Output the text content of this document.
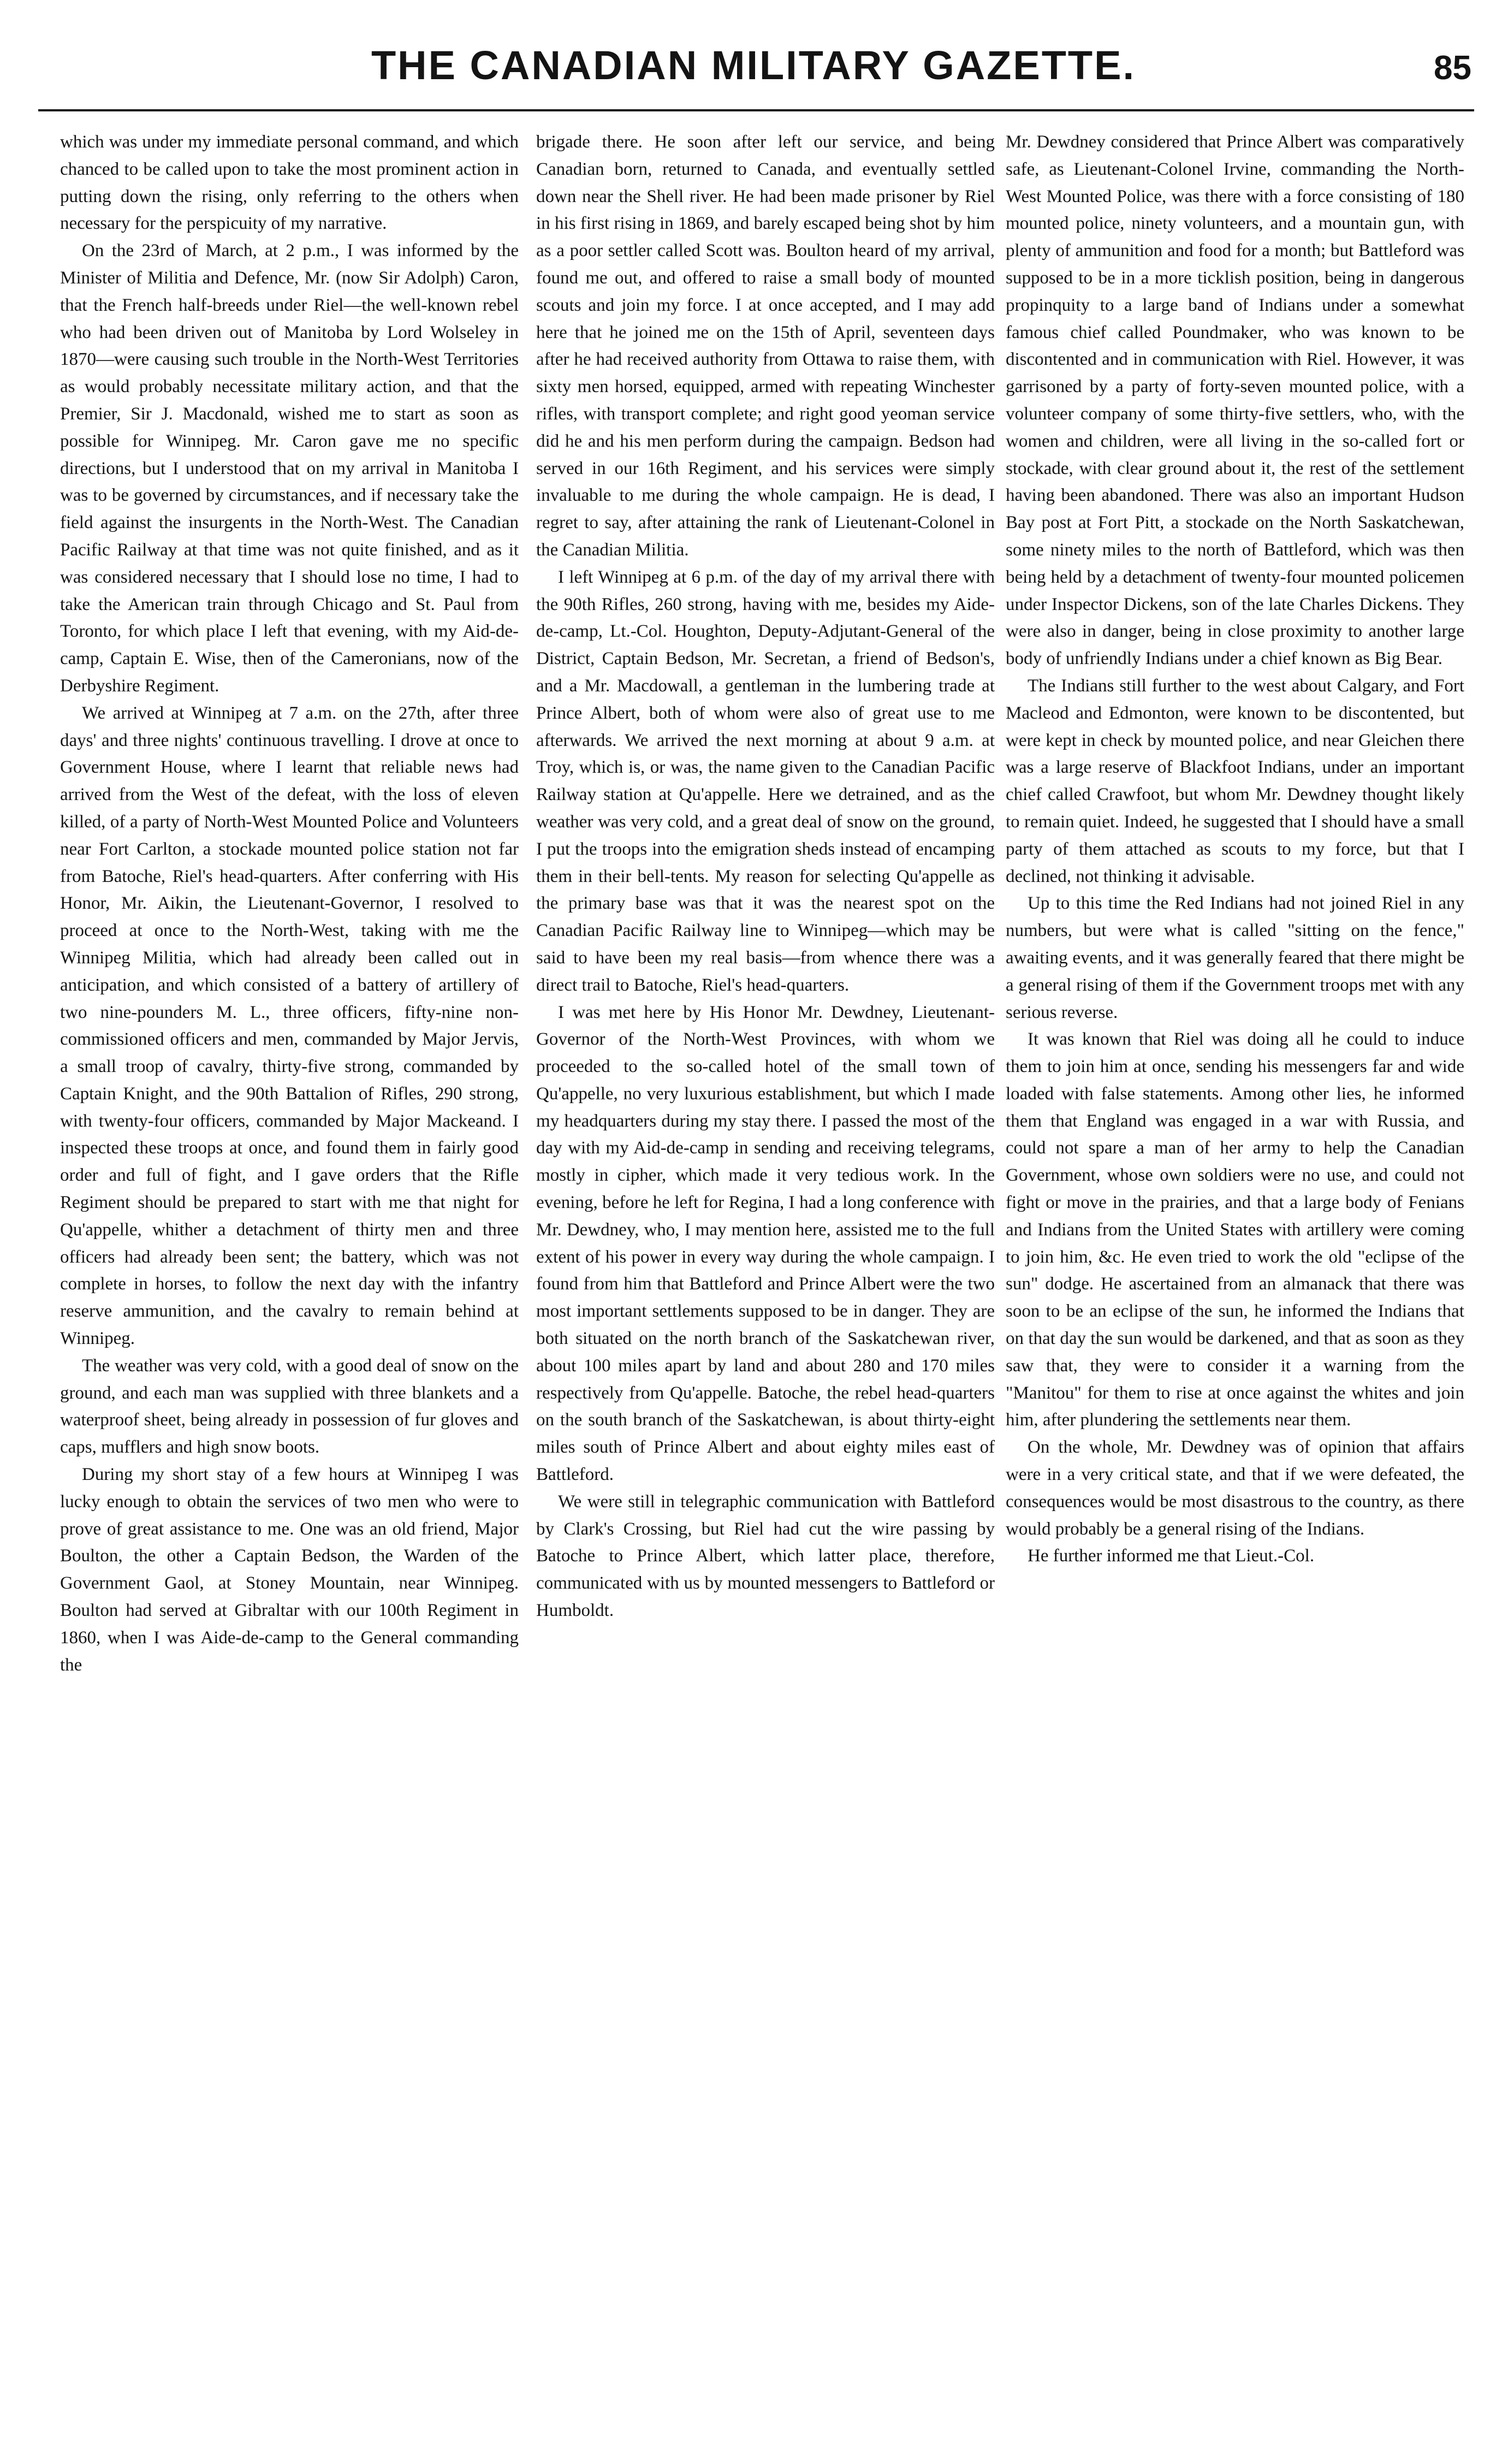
THE CANADIAN MILITARY GAZETTE.	85

which was under my immediate personal command, and which chanced to be called upon to take the most prominent action in putting down the rising, only referring to the others when necessary for the perspicuity of my narrative.

On the 23rd of March, at 2 p.m., I was informed by the Minister of Militia and Defence, Mr. (now Sir Adolph) Caron, that the French half-breeds under Riel—the well-known rebel who had been driven out of Manitoba by Lord Wolseley in 1870—were causing such trouble in the North-West Territories as would probably necessitate military action, and that the Premier, Sir J. Macdonald, wished me to start as soon as possible for Winnipeg. Mr. Caron gave me no specific directions, but I understood that on my arrival in Manitoba I was to be governed by circumstances, and if necessary take the field against the insurgents in the North-West. The Canadian Pacific Railway at that time was not quite finished, and as it was considered necessary that I should lose no time, I had to take the American train through Chicago and St. Paul from Toronto, for which place I left that evening, with my Aid-de-camp, Captain E. Wise, then of the Cameronians, now of the Derbyshire Regiment.

We arrived at Winnipeg at 7 a.m. on the 27th, after three days' and three nights' continuous travelling. I drove at once to Government House, where I learnt that reliable news had arrived from the West of the defeat, with the loss of eleven killed, of a party of North-West Mounted Police and Volunteers near Fort Carlton, a stockade mounted police station not far from Batoche, Riel's head-quarters. After conferring with His Honor, Mr. Aikin, the Lieutenant-Governor, I resolved to proceed at once to the North-West, taking with me the Winnipeg Militia, which had already been called out in anticipation, and which consisted of a battery of artillery of two nine-pounders M. L., three officers, fifty-nine non-commissioned officers and men, commanded by Major Jervis, a small troop of cavalry, thirty-five strong, commanded by Captain Knight, and the 90th Battalion of Rifles, 290 strong, with twenty-four officers, commanded by Major Mackeand. I inspected these troops at once, and found them in fairly good order and full of fight, and I gave orders that the Rifle Regiment should be prepared to start with me that night for Qu'appelle, whither a detachment of thirty men and three officers had already been sent; the battery, which was not complete in horses, to follow the next day with the infantry reserve ammunition, and the cavalry to remain behind at Winnipeg.

The weather was very cold, with a good deal of snow on the ground, and each man was supplied with three blankets and a waterproof sheet, being already in possession of fur gloves and caps, mufflers and high snow boots.

During my short stay of a few hours at Winnipeg I was lucky enough to obtain the services of two men who were to prove of great assistance to me. One was an old friend, Major Boulton, the other a Captain Bedson, the Warden of the Government Gaol, at Stoney Mountain, near Winnipeg. Boulton had served at Gibraltar with our 100th Regiment in 1860, when I was Aide-de-camp to the General commanding the

brigade there. He soon after left our service, and being Canadian born, returned to Canada, and eventually settled down near the Shell river. He had been made prisoner by Riel in his first rising in 1869, and barely escaped being shot by him as a poor settler called Scott was. Boulton heard of my arrival, found me out, and offered to raise a small body of mounted scouts and join my force. I at once accepted, and I may add here that he joined me on the 15th of April, seventeen days after he had received authority from Ottawa to raise them, with sixty men horsed, equipped, armed with repeating Winchester rifles, with transport complete; and right good yeoman service did he and his men perform during the campaign. Bedson had served in our 16th Regiment, and his services were simply invaluable to me during the whole campaign. He is dead, I regret to say, after attaining the rank of Lieutenant-Colonel in the Canadian Militia.

I left Winnipeg at 6 p.m. of the day of my arrival there with the 90th Rifles, 260 strong, having with me, besides my Aide-de-camp, Lt.-Col. Houghton, Deputy-Adjutant-General of the District, Captain Bedson, Mr. Secretan, a friend of Bedson's, and a Mr. Macdowall, a gentleman in the lumbering trade at Prince Albert, both of whom were also of great use to me afterwards. We arrived the next morning at about 9 a.m. at Troy, which is, or was, the name given to the Canadian Pacific Railway station at Qu'appelle. Here we detrained, and as the weather was very cold, and a great deal of snow on the ground, I put the troops into the emigration sheds instead of encamping them in their bell-tents. My reason for selecting Qu'appelle as the primary base was that it was the nearest spot on the Canadian Pacific Railway line to Winnipeg—which may be said to have been my real basis—from whence there was a direct trail to Batoche, Riel's head-quarters.

I was met here by His Honor Mr. Dewdney, Lieutenant-Governor of the North-West Provinces, with whom we proceeded to the so-called hotel of the small town of Qu'appelle, no very luxurious establishment, but which I made my headquarters during my stay there. I passed the most of the day with my Aid-de-camp in sending and receiving telegrams, mostly in cipher, which made it very tedious work. In the evening, before he left for Regina, I had a long conference with Mr. Dewdney, who, I may mention here, assisted me to the full extent of his power in every way during the whole campaign. I found from him that Battleford and Prince Albert were the two most important settlements supposed to be in danger. They are both situated on the north branch of the Saskatchewan river, about 100 miles apart by land and about 280 and 170 miles respectively from Qu'appelle. Batoche, the rebel head-quarters on the south branch of the Saskatchewan, is about thirty-eight miles south of Prince Albert and about eighty miles east of Battleford.

We were still in telegraphic communication with Battleford by Clark's Crossing, but Riel had cut the wire passing by Batoche to Prince Albert, which latter place, therefore, communicated with us by mounted messengers to Battleford or Humboldt.

Mr. Dewdney considered that Prince Albert was comparatively safe, as Lieutenant-Colonel Irvine, commanding the North-West Mounted Police, was there with a force consisting of 180 mounted police, ninety volunteers, and a mountain gun, with plenty of ammunition and food for a month; but Battleford was supposed to be in a more ticklish position, being in dangerous propinquity to a large band of Indians under a somewhat famous chief called Poundmaker, who was known to be discontented and in communication with Riel. However, it was garrisoned by a party of forty-seven mounted police, with a volunteer company of some thirty-five settlers, who, with the women and children, were all living in the so-called fort or stockade, with clear ground about it, the rest of the settlement having been abandoned. There was also an important Hudson Bay post at Fort Pitt, a stockade on the North Saskatchewan, some ninety miles to the north of Battleford, which was then being held by a detachment of twenty-four mounted policemen under Inspector Dickens, son of the late Charles Dickens. They were also in danger, being in close proximity to another large body of unfriendly Indians under a chief known as Big Bear.

The Indians still further to the west about Calgary, and Fort Macleod and Edmonton, were known to be discontented, but were kept in check by mounted police, and near Gleichen there was a large reserve of Blackfoot Indians, under an important chief called Crawfoot, but whom Mr. Dewdney thought likely to remain quiet. Indeed, he suggested that I should have a small party of them attached as scouts to my force, but that I declined, not thinking it advisable.

Up to this time the Red Indians had not joined Riel in any numbers, but were what is called "sitting on the fence," awaiting events, and it was generally feared that there might be a general rising of them if the Government troops met with any serious reverse.

It was known that Riel was doing all he could to induce them to join him at once, sending his messengers far and wide loaded with false statements. Among other lies, he informed them that England was engaged in a war with Russia, and could not spare a man of her army to help the Canadian Government, whose own soldiers were no use, and could not fight or move in the prairies, and that a large body of Fenians and Indians from the United States with artillery were coming to join him, &c. He even tried to work the old "eclipse of the sun" dodge. He ascertained from an almanack that there was soon to be an eclipse of the sun, he informed the Indians that on that day the sun would be darkened, and that as soon as they saw that, they were to consider it a warning from the "Manitou" for them to rise at once against the whites and join him, after plundering the settlements near them.

On the whole, Mr. Dewdney was of opinion that affairs were in a very critical state, and that if we were defeated, the consequences would be most disastrous to the country, as there would probably be a general rising of the Indians.

He further informed me that Lieut.-Col.
